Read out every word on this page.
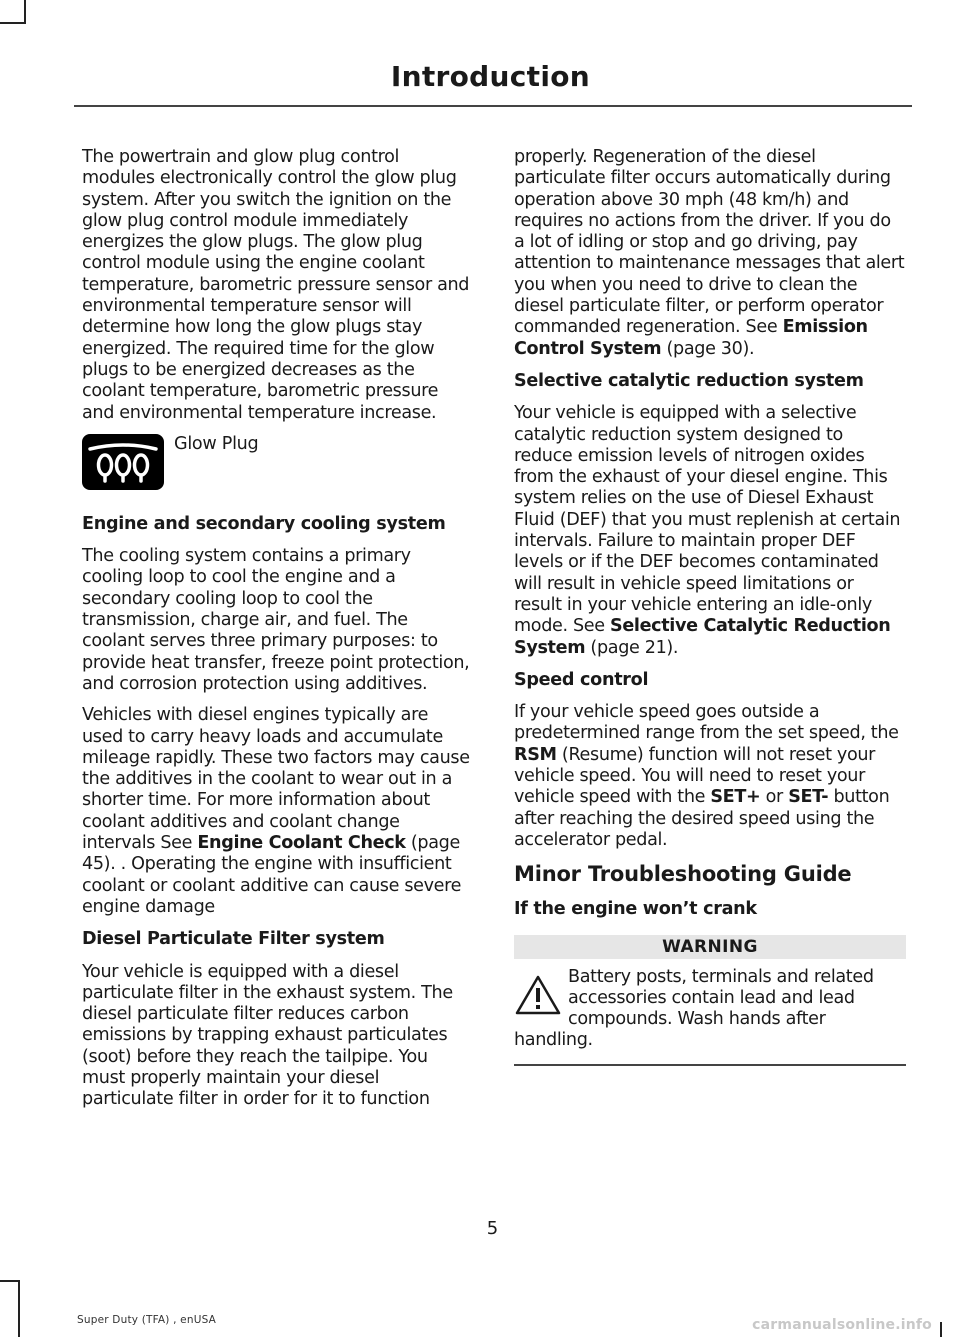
Introduction

The powertrain and glow plug control modules electronically control the glow plug system. After you switch the ignition on the glow plug control module immediately energizes the glow plugs. The glow plug control module using the engine coolant temperature, barometric pressure sensor and environmental temperature sensor will determine how long the glow plugs stay energized. The required time for the glow plugs to be energized decreases as the coolant temperature, barometric pressure and environmental temperature increase.

Glow Plug
Engine and secondary cooling system

The cooling system contains a primary cooling loop to cool the engine and a secondary cooling loop to cool the transmission, charge air, and fuel. The coolant serves three primary purposes: to provide heat transfer, freeze point protection, and corrosion protection using additives.

Vehicles with diesel engines typically are used to carry heavy loads and accumulate mileage rapidly. These two factors may cause the additives in the coolant to wear out in a shorter time. For more information about coolant additives and coolant change intervals See Engine Coolant Check (page 45). . Operating the engine with insufficient coolant or coolant additive can cause severe engine damage

Diesel Particulate Filter system

Your vehicle is equipped with a diesel particulate filter in the exhaust system. The diesel particulate filter reduces carbon emissions by trapping exhaust particulates (soot) before they reach the tailpipe. You must properly maintain your diesel particulate filter in order for it to function

properly. Regeneration of the diesel particulate filter occurs automatically during operation above 30 mph (48 km/h) and requires no actions from the driver. If you do a lot of idling or stop and go driving, pay attention to maintenance messages that alert you when you need to drive to clean the diesel particulate filter, or perform operator commanded regeneration. See Emission Control System (page 30).

Selective catalytic reduction system

Your vehicle is equipped with a selective catalytic reduction system designed to reduce emission levels of nitrogen oxides from the exhaust of your diesel engine. This system relies on the use of Diesel Exhaust Fluid (DEF) that you must replenish at certain intervals. Failure to maintain proper DEF levels or if the DEF becomes contaminated will result in vehicle speed limitations or result in your vehicle entering an idle-only mode. See Selective Catalytic Reduction System (page 21).

Speed control

If your vehicle speed goes outside a predetermined range from the set speed, the RSM (Resume) function will not reset your vehicle speed. You will need to reset your vehicle speed with the SET+ or SET- button after reaching the desired speed using the accelerator pedal.

Minor Troubleshooting Guide
If the engine won’t crank
WARNING

Battery posts, terminals and related accessories contain lead and lead compounds. Wash hands after handling.

5
Super Duty (TFA) , enUSA	carmanualsonline.info
